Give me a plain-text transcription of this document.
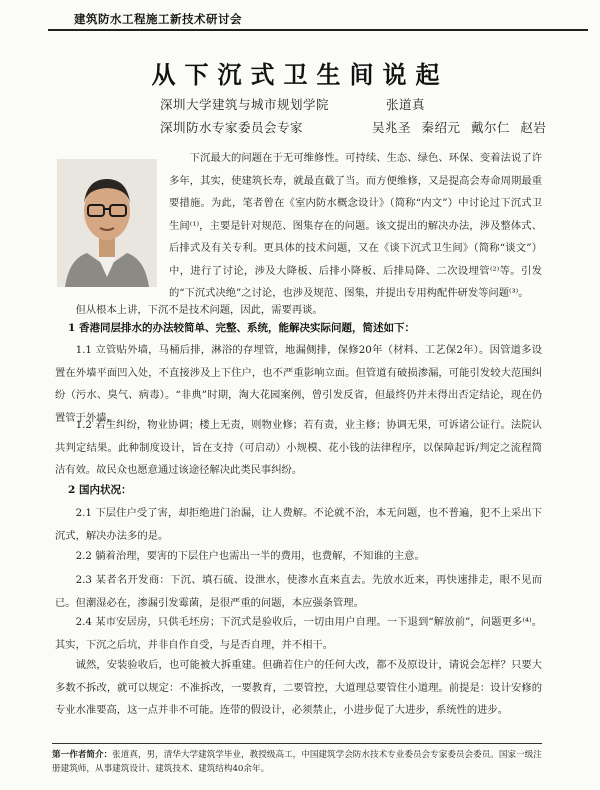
建筑防水工程施工新技术研讨会
从下沉式卫生间说起
深圳大学建筑与城市规划学院	张道真
深圳防水专家委员会专家	吴兆圣 秦绍元 戴尔仁 赵岩
下沉最大的问题在于无可维修性。可持续、生态、绿色、环保、变着法说了许多年，其实，使建筑长寿，就最直截了当。而方便维修，又是提高会寿命周期最重要措施。为此，笔者曾在《室内防水概念设计》（简称“内文”）中讨论过下沉式卫生间⁽¹⁾，主要是针对规范、图集存在的问题。该文提出的解决办法，涉及整体式、后排式及有关专利。更具体的技术问题，又在《谈下沉式卫生间》（简称“谈文”）中，进行了讨论，涉及大降板、后排小降板、后排局降、二次设埋管⁽²⁾等。引发的“下沉式决绝”之讨论，也涉及规范、图集，并提出专用构配件研发等问题⁽³⁾。
但从根本上讲，下沉不是技术问题，因此，需要再谈。
1 香港同层排水的办法较简单、完整、系统，能解决实际问题，简述如下：
1.1 立管贴外墙，马桶后排，淋浴的存埋管，地漏侧排，保修20年（材料、工艺保2年）。因管道多设置在外墙平面凹入处，不直接涉及上下住户，也不严重影响立面。但管道有破损渗漏，可能引发较大范围纠纷（污水、臭气、病毒）。“非典”时期，淘大花园案例，曾引发反省，但最终仍并未得出否定结论，现在仍置管于外墙。
1.2 若生纠纷，物业协调；楼上无责，则物业修；若有责，业主修；协调无果，可诉诸公证行。法院认共判定结果。此种制度设计，旨在支持（可启动）小规模、花小钱的法律程序，以保障起诉/判定之流程简洁有效。故民众也愿意通过该途径解决此类民事纠纷。
2 国内状况：
2.1 下层住户受了害，却拒绝进门治漏，让人费解。不论就不治，本无问题，也不普遍，犯不上采出下沉式，解决办法多的是。
2.2 躺着治理，要害的下层住户也需出一半的费用，也费解，不知谁的主意。
2.3 某者名开发商：下沉、填石硫、设泄水，使渗水直来直去。先放水近来，再快速排走，眼不见而已。但潮湿必在，渗漏引发霉菌，是很严重的问题，本应强条管理。
2.4 某市安居房，只供毛坯房；下沉式是验收后，一切由用户自理。一下退到“解放前”，问题更多⁽⁴⁾。其实，下沉之后坑，并非自作自受，与是否自理，并不相干。
诚然，安装验收后，也可能被大拆重建。但确若住户的任何大改，都不及原设计，请说会怎样？只要大多数不拆改，就可以规定：不准拆改，一要教育，二要管控，大道理总要管住小道理。前提是：设计安修的专业水准要高，这一点并非不可能。连带的假设计，必须禁止，小进步促了大进步，系统性的进步。
第一作者简介：张道真，男，清华大学建筑学毕业，教授级高工，中国建筑学会防水技术专业委员会专家委员会委员。国家一级注册建筑师，从事建筑设计、建筑技术、建筑结构40余年。
